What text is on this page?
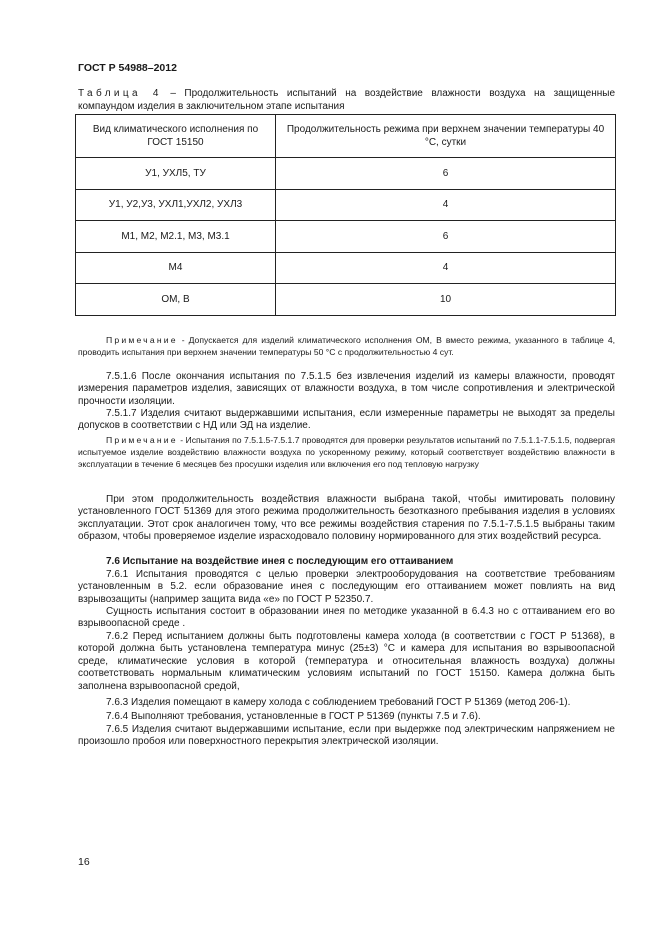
ГОСТ Р 54988–2012
Таблица 4 – Продолжительность испытаний на воздействие влажности воздуха на защищенные компаундом изделия в заключительном этапе испытания
Вид климатического исполнения по ГОСТ 15150	Продолжительность режима при верхнем значении температуры 40 °С, сутки
У1, УХЛ5, ТУ	6
У1, У2,У3, УХЛ1,УХЛ2, УХЛ3	4
М1, М2, М2.1, М3, М3.1	6
М4	4
ОМ, В	10
Примечание - Допускается для изделий климатического исполнения ОМ, В вместо режима, указанного в таблице 4, проводить испытания при верхнем значении температуры 50 °С с продолжительностью 4 сут.

7.5.1.6 После окончания испытания по 7.5.1.5 без извлечения изделий из камеры влажности, проводят измерения параметров изделия, зависящих от влажности воздуха, в том числе сопротивления и электрической прочности изоляции.

7.5.1.7 Изделия считают выдержавшими испытания, если измеренные параметры не выходят за пределы допусков в соответствии с НД или ЭД на изделие.

Примечание - Испытания по 7.5.1.5-7.5.1.7 проводятся для проверки результатов испытаний по 7.5.1.1-7.5.1.5, подвергая испытуемое изделие воздействию влажности воздуха по ускоренному режиму, который соответствует воздействию влажности в эксплуатации в течение 6 месяцев без просушки изделия или включения его под тепловую нагрузку

При этом продолжительность воздействия влажности выбрана такой, чтобы имитировать половину установленного ГОСТ 51369 для этого режима продолжительность безотказного пребывания изделия в условиях эксплуатации. Этот срок аналогичен тому, что все режимы воздействия старения по 7.5.1-7.5.1.5 выбраны таким образом, чтобы проверяемое изделие израсходовало половину нормированного для этих воздействий ресурса.

7.6 Испытание на воздействие инея с последующим его оттаиванием

7.6.1 Испытания проводятся с целью проверки электрооборудования на соответствие требованиям установленным в 5.2. если образование инея с последующим его оттаиванием может повлиять на вид взрывозащиты (например защита вида «е» по ГОСТ Р 52350.7.

Сущность испытания состоит в образовании инея по методике указанной в 6.4.3 но с оттаиванием его во взрывоопасной среде .

7.6.2 Перед испытанием должны быть подготовлены камера холода (в соответствии с ГОСТ Р 51368), в которой должна быть установлена температура минус (25±3) °С и камера для испытания во взрывоопасной среде, климатические условия в которой (температура и относительная влажность воздуха) должны соответствовать нормальным климатическим условиям испытаний по ГОСТ 15150. Камера должна быть заполнена взрывоопасной средой,

7.6.3 Изделия помещают в камеру холода с соблюдением требований ГОСТ Р 51369 (метод 206-1).

7.6.4 Выполняют требования, установленные в ГОСТ Р 51369 (пункты 7.5 и 7.6).

7.6.5 Изделия считают выдержавшими испытание, если при выдержке под электрическим напряжением не произошло пробоя или поверхностного перекрытия электрической изоляции.

16
